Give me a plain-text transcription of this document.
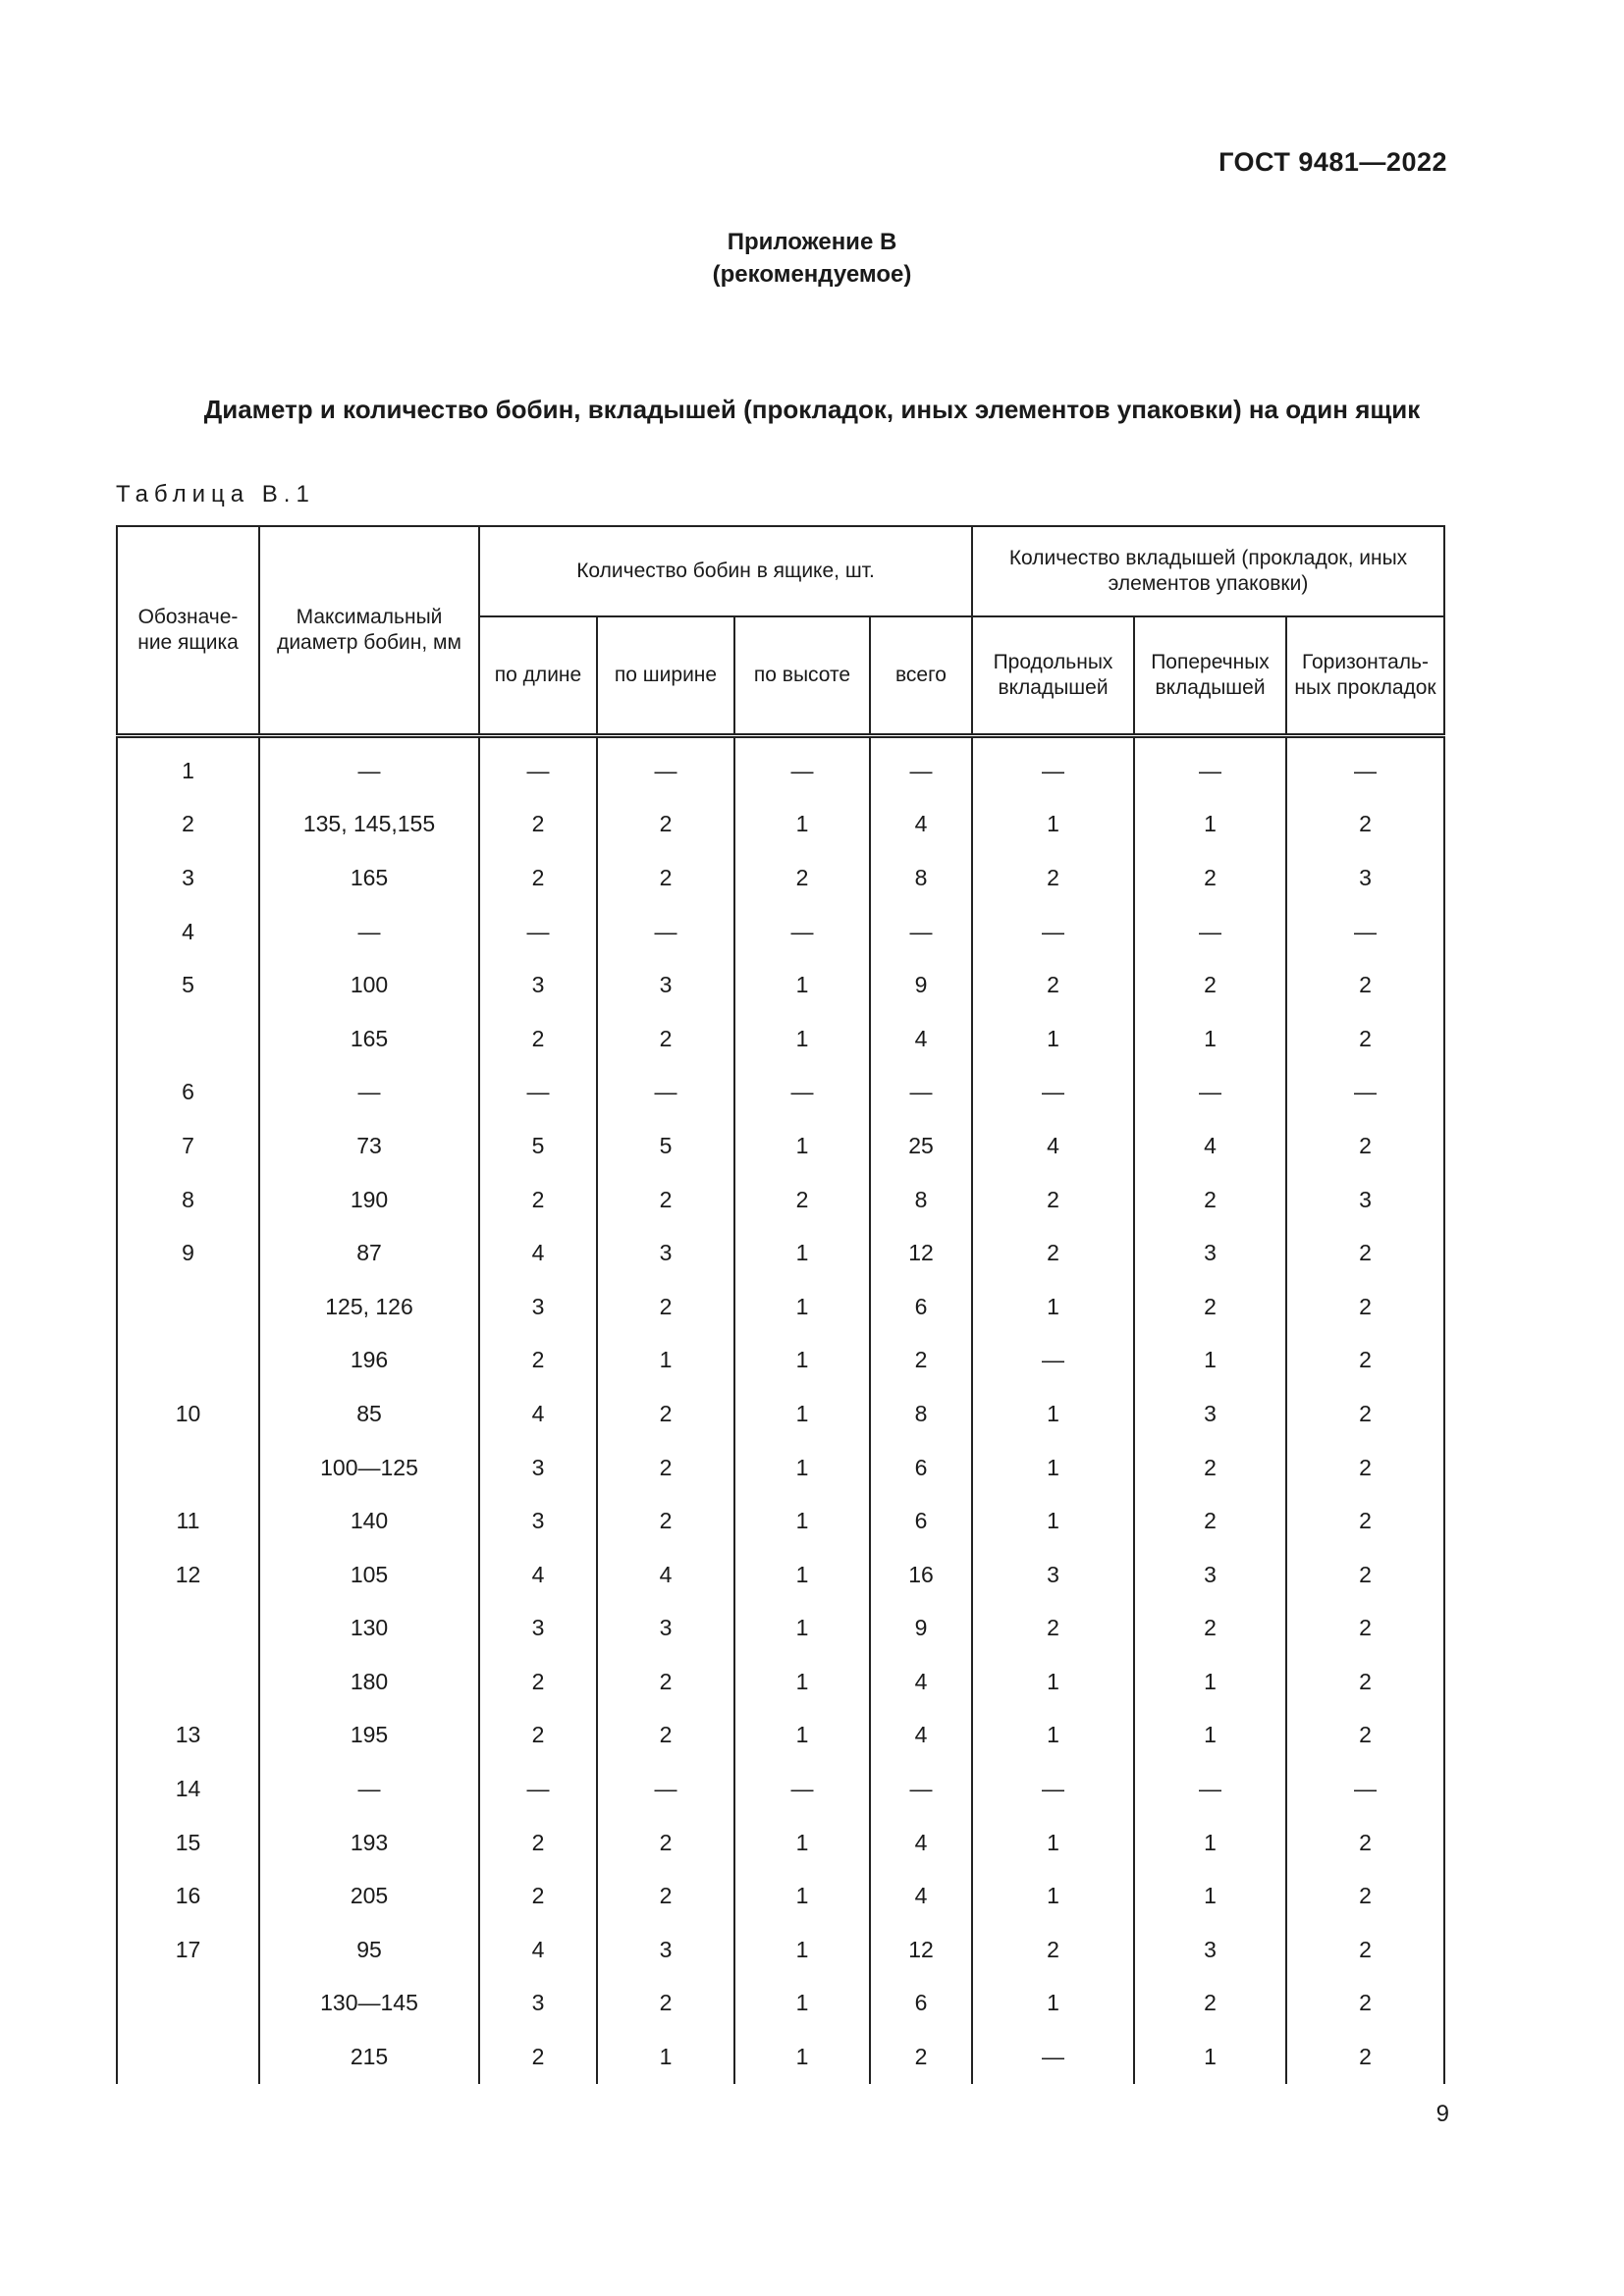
ГОСТ 9481—2022
Приложение В
(рекомендуемое)
Диаметр и количество бобин, вкладышей (прокладок, иных элементов упаковки) на один ящик
Таблица В.1
Обозначе-ние ящика	Максимальный диаметр бобин, мм	Количество бобин в ящике, шт.				Количество вкладышей (прокладок, иных элементов упаковки)		
		по длине	по ширине	по высоте	всего	Продольных вкладышей	Поперечных вкладышей	Горизонталь-ных прокладок
1	—	—	—	—	—	—	—	—
2	135, 145,155	2	2	1	4	1	1	2
3	165	2	2	2	8	2	2	3
4	—	—	—	—	—	—	—	—
5	100	3	3	1	9	2	2	2
	165	2	2	1	4	1	1	2
6	—	—	—	—	—	—	—	—
7	73	5	5	1	25	4	4	2
8	190	2	2	2	8	2	2	3
9	87	4	3	1	12	2	3	2
	125, 126	3	2	1	6	1	2	2
	196	2	1	1	2	—	1	2
10	85	4	2	1	8	1	3	2
	100—125	3	2	1	6	1	2	2
11	140	3	2	1	6	1	2	2
12	105	4	4	1	16	3	3	2
	130	3	3	1	9	2	2	2
	180	2	2	1	4	1	1	2
13	195	2	2	1	4	1	1	2
14	—	—	—	—	—	—	—	—
15	193	2	2	1	4	1	1	2
16	205	2	2	1	4	1	1	2
17	95	4	3	1	12	2	3	2
	130—145	3	2	1	6	1	2	2
	215	2	1	1	2	—	1	2
9
